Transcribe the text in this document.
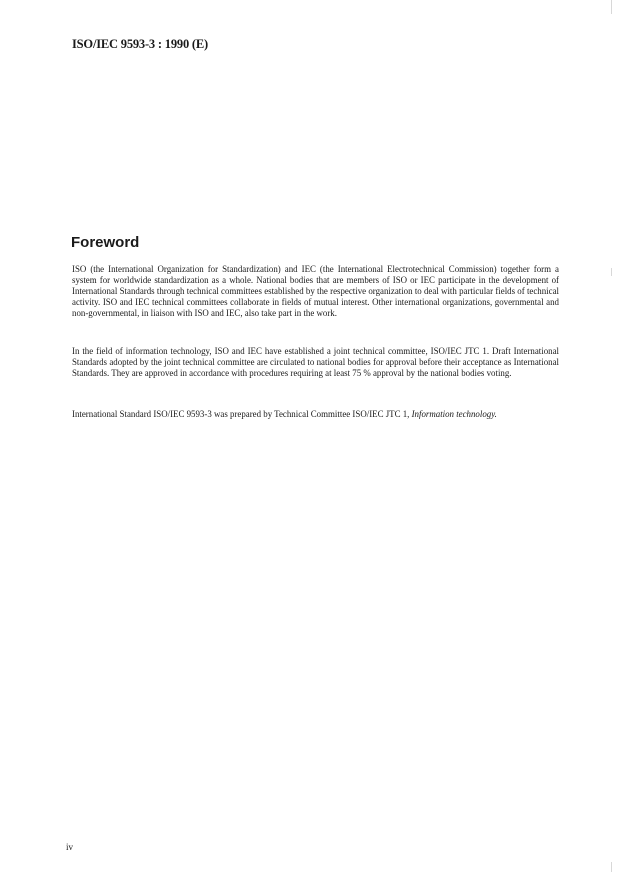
ISO/IEC 9593-3 : 1990 (E)
Foreword

ISO (the International Organization for Standardization) and IEC (the International Electrotechnical Commission) together form a system for worldwide standardization as a whole. National bodies that are members of ISO or IEC participate in the development of International Standards through technical committees established by the respective organization to deal with particular fields of technical activity. ISO and IEC technical committees collaborate in fields of mutual interest. Other international organizations, governmental and non-governmental, in liaison with ISO and IEC, also take part in the work.

In the field of information technology, ISO and IEC have established a joint technical committee, ISO/IEC JTC 1. Draft International Standards adopted by the joint technical committee are circulated to national bodies for approval before their acceptance as International Standards. They are approved in accordance with procedures requiring at least 75 % approval by the national bodies voting.

International Standard ISO/IEC 9593-3 was prepared by Technical Committee ISO/IEC JTC 1, Information technology.

iv
